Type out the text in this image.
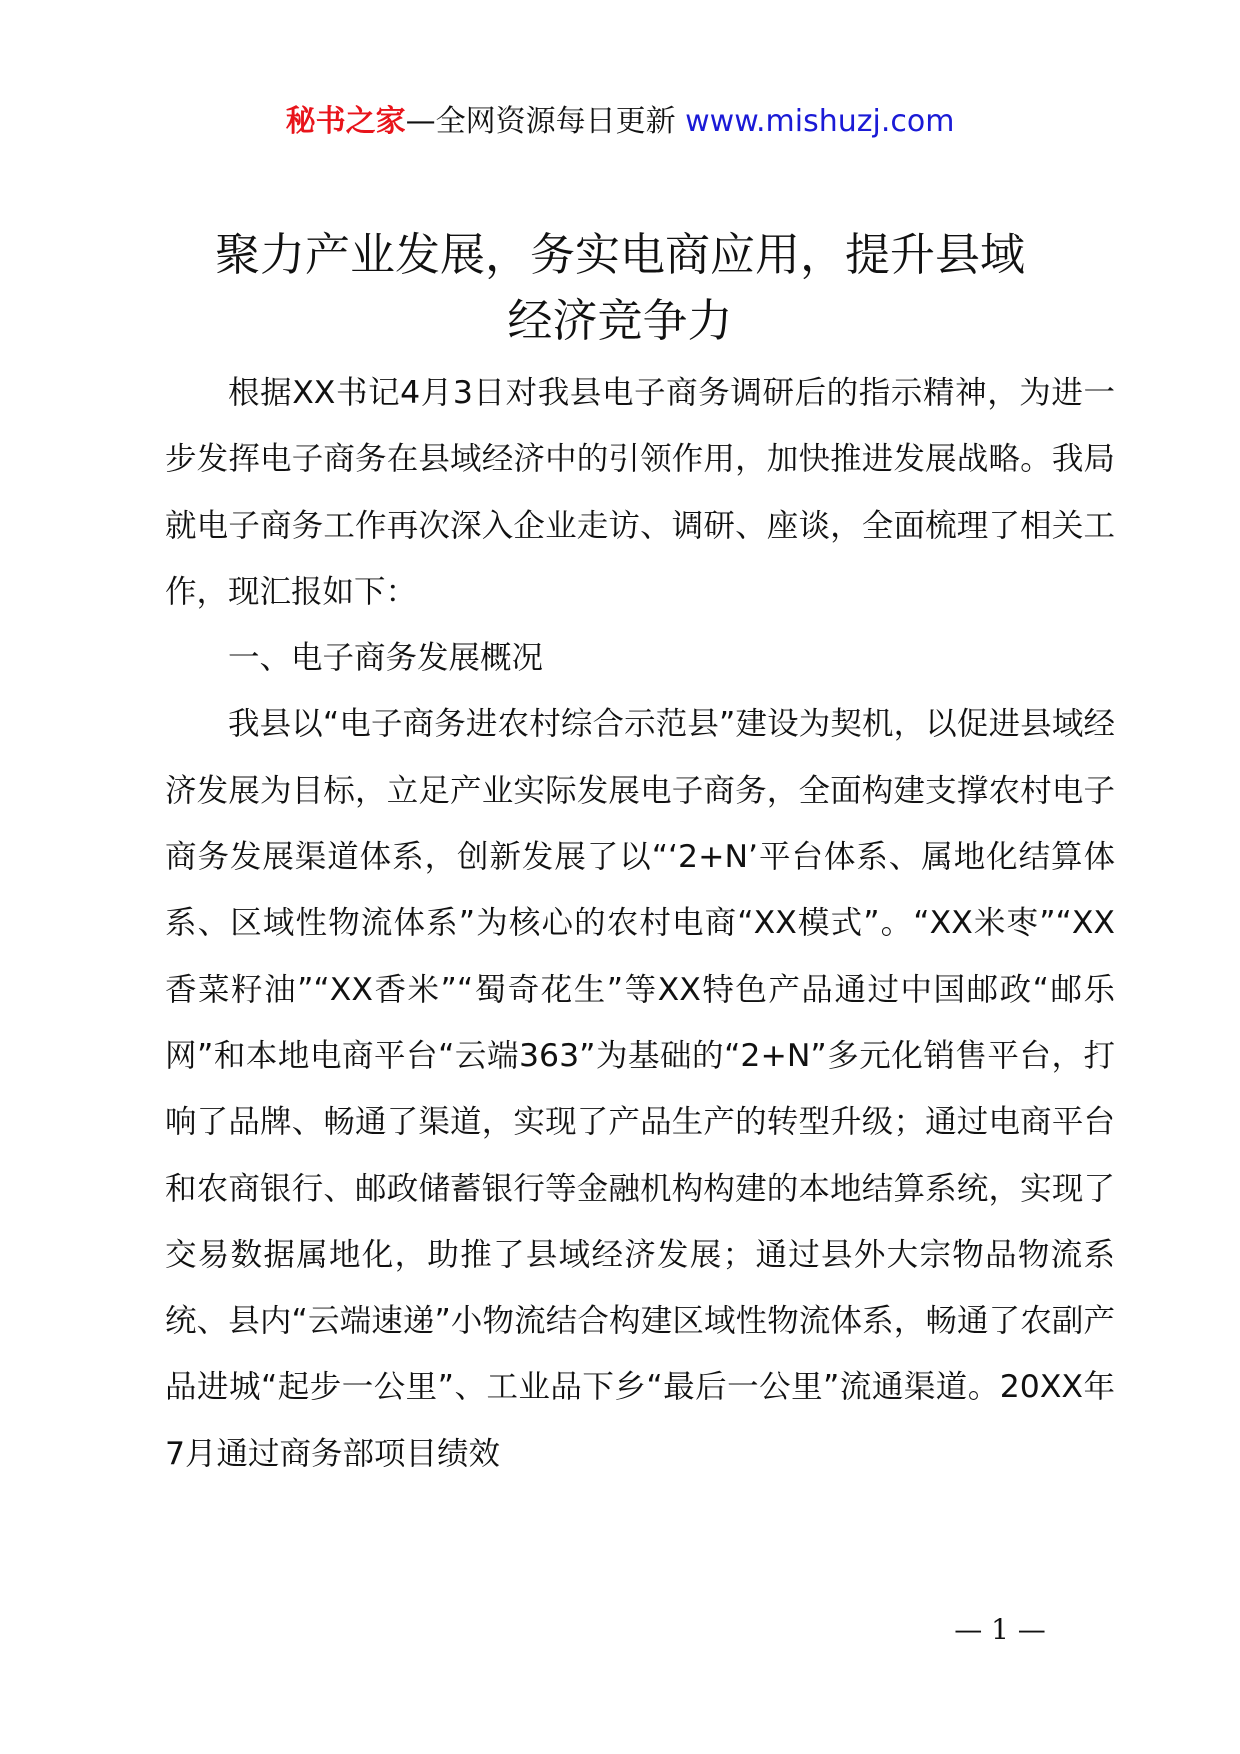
秘书之家—全网资源每日更新 www.mishuzj.com
聚力产业发展，务实电商应用，提升县域
经济竞争力

根据XX书记4月3日对我县电子商务调研后的指示精神，为进一步发挥电子商务在县域经济中的引领作用，加快推进发展战略。我局就电子商务工作再次深入企业走访、调研、座谈，全面梳理了相关工作，现汇报如下：

一、电子商务发展概况

我县以“电子商务进农村综合示范县”建设为契机，以促进县域经济发展为目标，立足产业实际发展电子商务，全面构建支撑农村电子商务发展渠道体系，创新发展了以“‘2+N’平台体系、属地化结算体系、区域性物流体系”为核心的农村电商“XX模式”。“XX米枣”“XX香菜籽油”“XX香米”“蜀奇花生”等XX特色产品通过中国邮政“邮乐网”和本地电商平台“云端363”为基础的“2+N”多元化销售平台，打响了品牌、畅通了渠道，实现了产品生产的转型升级；通过电商平台和农商银行、邮政储蓄银行等金融机构构建的本地结算系统，实现了交易数据属地化，助推了县域经济发展；通过县外大宗物品物流系统、县内“云端速递”小物流结合构建区域性物流体系，畅通了农副产品进城“起步一公里”、工业品下乡“最后一公里”流通渠道。20XX年7月通过商务部项目绩效

— 1 —
